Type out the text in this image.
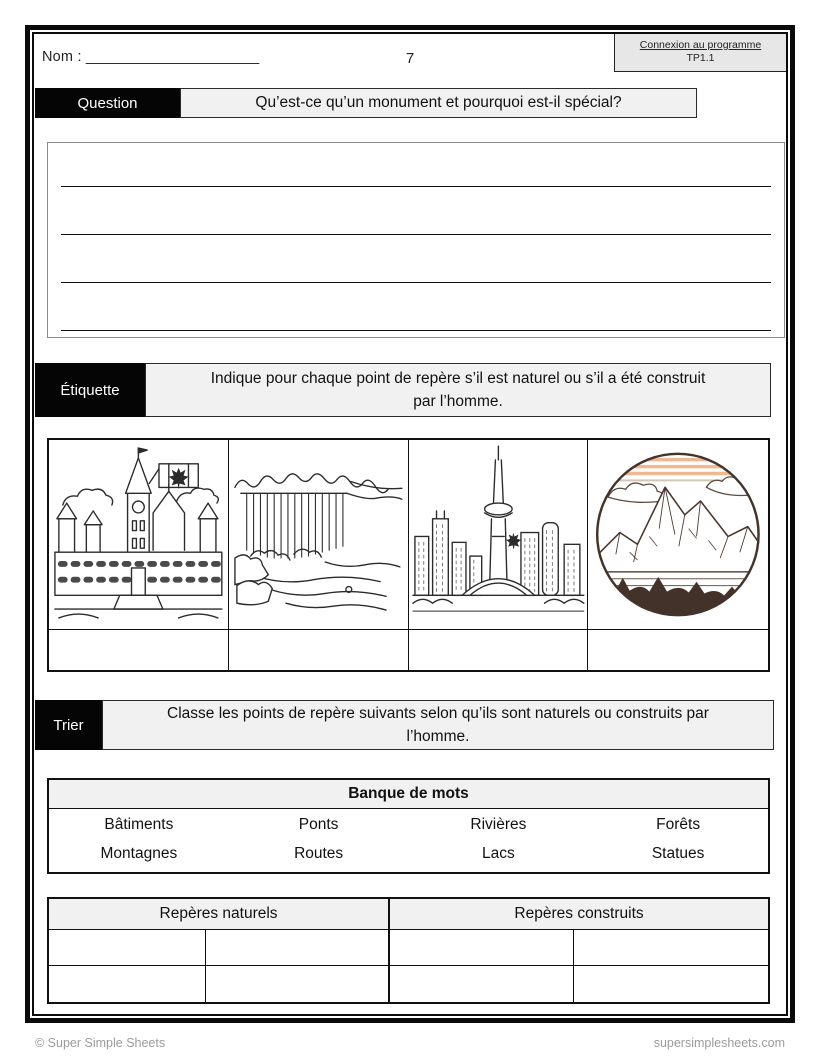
Connexion au programme
TP1.1
Nom : _____________________	7
Question	Qu’est-ce qu’un monument et pourquoi est-il spécial?
Étiquette
Indique pour chaque point de repère s’il est naturel ou s’il a été construit par l’homme.
Trier
Classe les points de repère suivants selon qu’ils sont naturels ou construits par l’homme.
Banque de mots
Bâtiments	Ponts	Rivières	Forêts
Montagnes	Routes	Lacs	Statues
Repères naturels	Repères construits
© Super Simple Sheets	supersimplesheets.com
